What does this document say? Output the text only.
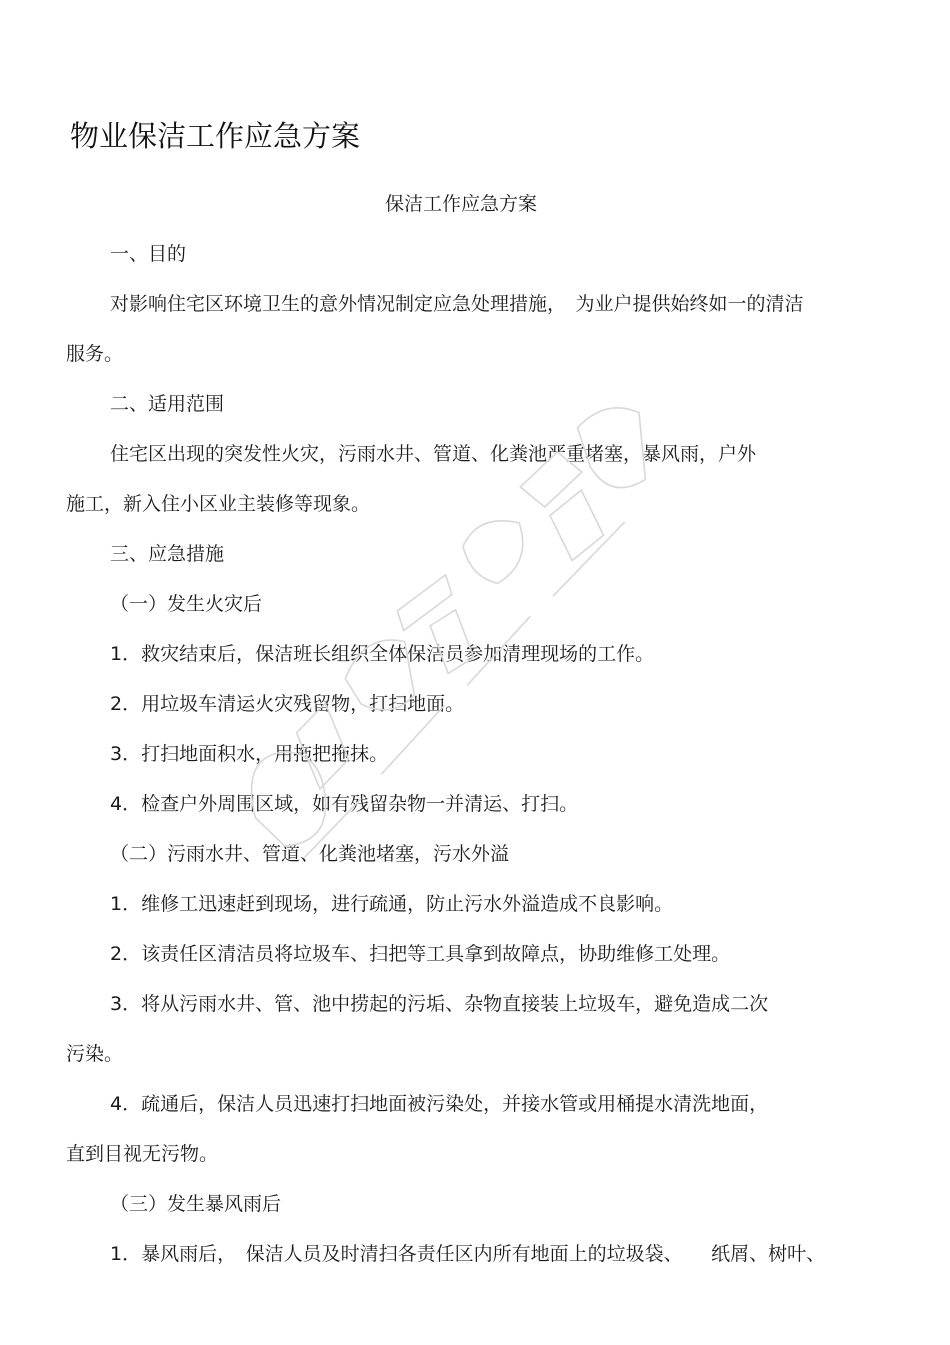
物业保洁工作应急方案
保洁工作应急方案
一、目的
对影响住宅区环境卫生的意外情况制定应急处理措施，　为业户提供始终如一的清洁
服务。
二、适用范围
住宅区出现的突发性火灾，污雨水井、管道、化粪池严重堵塞，暴风雨，户外
施工，新入住小区业主装修等现象。
三、应急措施
（一）发生火灾后
1．救灾结束后，保洁班长组织全体保洁员参加清理现场的工作。
2．用垃圾车清运火灾残留物，打扫地面。
3．打扫地面积水，用拖把拖抹。
4．检查户外周围区域，如有残留杂物一并清运、打扫。
（二）污雨水井、管道、化粪池堵塞，污水外溢
1．维修工迅速赶到现场，进行疏通，防止污水外溢造成不良影响。
2．该责任区清洁员将垃圾车、扫把等工具拿到故障点，协助维修工处理。
3．将从污雨水井、管、池中捞起的污垢、杂物直接装上垃圾车，避免造成二次
污染。
4．疏通后，保洁人员迅速打扫地面被污染处，并接水管或用桶提水清洗地面，
直到目视无污物。
（三）发生暴风雨后
1．暴风雨后，　保洁人员及时清扫各责任区内所有地面上的垃圾袋、　　纸屑、树叶、
